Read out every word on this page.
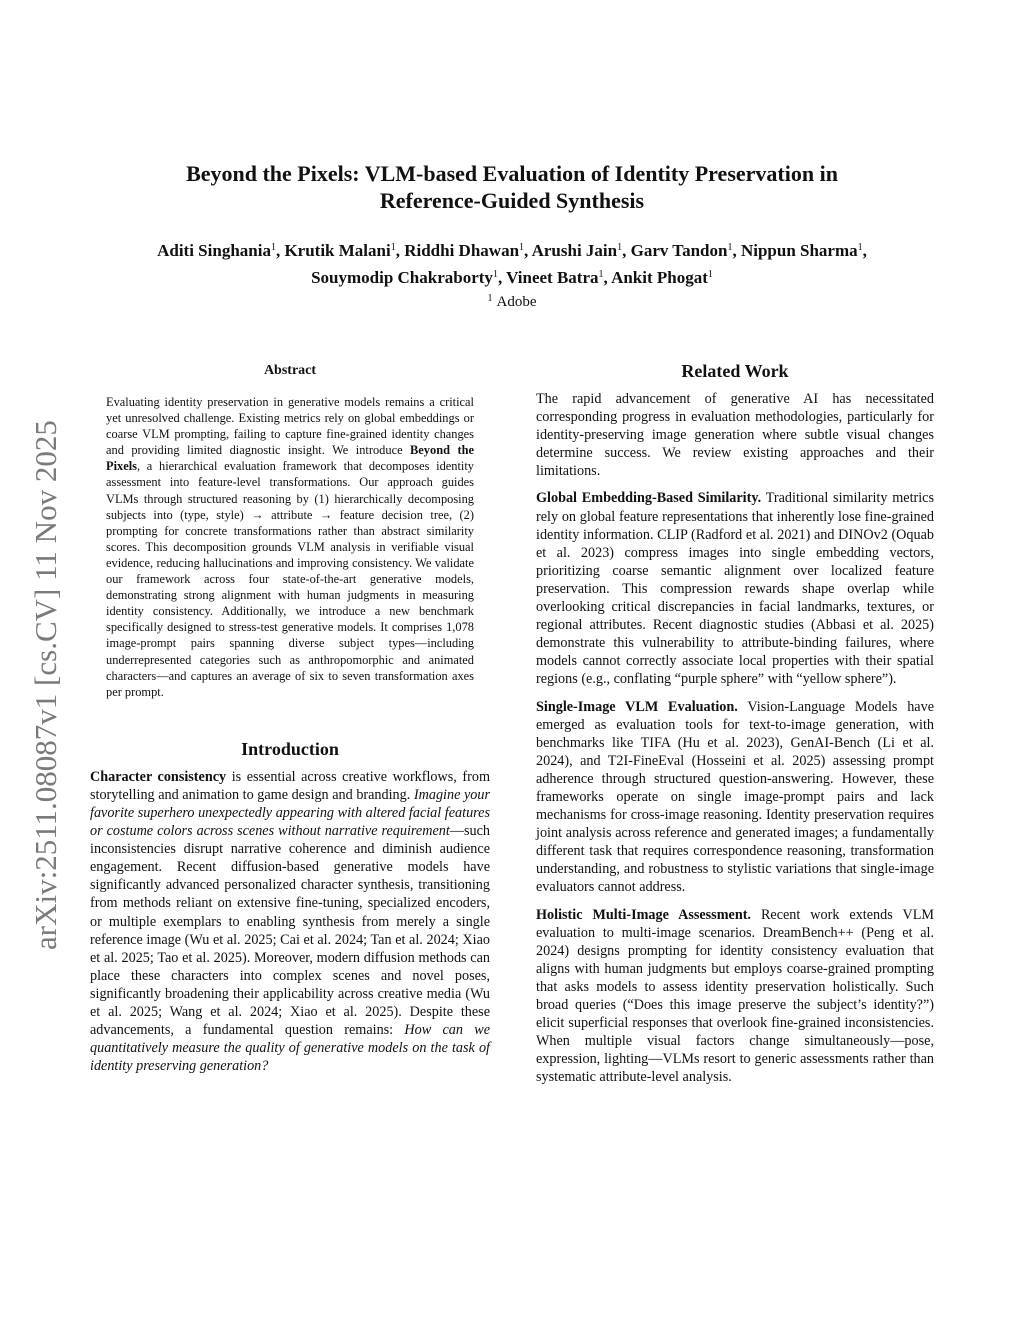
Beyond the Pixels: VLM-based Evaluation of Identity Preservation in
Reference-Guided Synthesis
Aditi Singhania$^1$, Krutik Malani$^1$, Riddhi Dhawan$^1$, Arushi Jain$^1$, Garv Tandon$^1$, Nippun Sharma$^1$, Souymodip Chakraborty$^1$, Vineet Batra$^1$, Ankit Phogat$^1$
$^1$ Adobe
arXiv:2511.08087v1 [cs.CV] 11 Nov 2025
Abstract

Evaluating identity preservation in generative models remains a critical yet unresolved challenge. Existing metrics rely on global embeddings or coarse VLM prompting, failing to capture fine-grained identity changes and providing limited diagnostic insight. We introduce Beyond the Pixels, a hierarchical evaluation framework that decomposes identity assessment into feature-level transformations. Our approach guides VLMs through structured reasoning by (1) hierarchically decomposing subjects into (type, style) → attribute → feature decision tree, (2) prompting for concrete transformations rather than abstract similarity scores. This decomposition grounds VLM analysis in verifiable visual evidence, reducing hallucinations and improving consistency. We validate our framework across four state-of-the-art generative models, demonstrating strong alignment with human judgments in measuring identity consistency. Additionally, we introduce a new benchmark specifically designed to stress-test generative models. It comprises 1,078 image-prompt pairs spanning diverse subject types—including underrepresented categories such as anthropomorphic and animated characters—and captures an average of six to seven transformation axes per prompt.

Introduction

Character consistency is essential across creative workflows, from storytelling and animation to game design and branding. Imagine your favorite superhero unexpectedly appearing with altered facial features or costume colors across scenes without narrative requirement—such inconsistencies disrupt narrative coherence and diminish audience engagement. Recent diffusion-based generative models have significantly advanced personalized character synthesis, transitioning from methods reliant on extensive fine-tuning, specialized encoders, or multiple exemplars to enabling synthesis from merely a single reference image (Wu et al. 2025; Cai et al. 2024; Tan et al. 2024; Xiao et al. 2025; Tao et al. 2025). Moreover, modern diffusion methods can place these characters into complex scenes and novel poses, significantly broadening their applicability across creative media (Wu et al. 2025; Wang et al. 2024; Xiao et al. 2025). Despite these advancements, a fundamental question remains: How can we quantitatively measure the quality of generative models on the task of identity preserving generation?

Related Work

The rapid advancement of generative AI has necessitated corresponding progress in evaluation methodologies, particularly for identity-preserving image generation where subtle visual changes determine success. We review existing approaches and their limitations.

Global Embedding-Based Similarity. Traditional similarity metrics rely on global feature representations that inherently lose fine-grained identity information. CLIP (Radford et al. 2021) and DINOv2 (Oquab et al. 2023) compress images into single embedding vectors, prioritizing coarse semantic alignment over localized feature preservation. This compression rewards shape overlap while overlooking critical discrepancies in facial landmarks, textures, or regional attributes. Recent diagnostic studies (Abbasi et al. 2025) demonstrate this vulnerability to attribute-binding failures, where models cannot correctly associate local properties with their spatial regions (e.g., conflating “purple sphere” with “yellow sphere”).

Single-Image VLM Evaluation. Vision-Language Models have emerged as evaluation tools for text-to-image generation, with benchmarks like TIFA (Hu et al. 2023), GenAI-Bench (Li et al. 2024), and T2I-FineEval (Hosseini et al. 2025) assessing prompt adherence through structured question-answering. However, these frameworks operate on single image-prompt pairs and lack mechanisms for cross-image reasoning. Identity preservation requires joint analysis across reference and generated images; a fundamentally different task that requires correspondence reasoning, transformation understanding, and robustness to stylistic variations that single-image evaluators cannot address.

Holistic Multi-Image Assessment. Recent work extends VLM evaluation to multi-image scenarios. DreamBench++ (Peng et al. 2024) designs prompting for identity consistency evaluation that aligns with human judgments but employs coarse-grained prompting that asks models to assess identity preservation holistically. Such broad queries (“Does this image preserve the subject’s identity?”) elicit superficial responses that overlook fine-grained inconsistencies. When multiple visual factors change simultaneously—pose, expression, lighting—VLMs resort to generic assessments rather than systematic attribute-level analysis.
